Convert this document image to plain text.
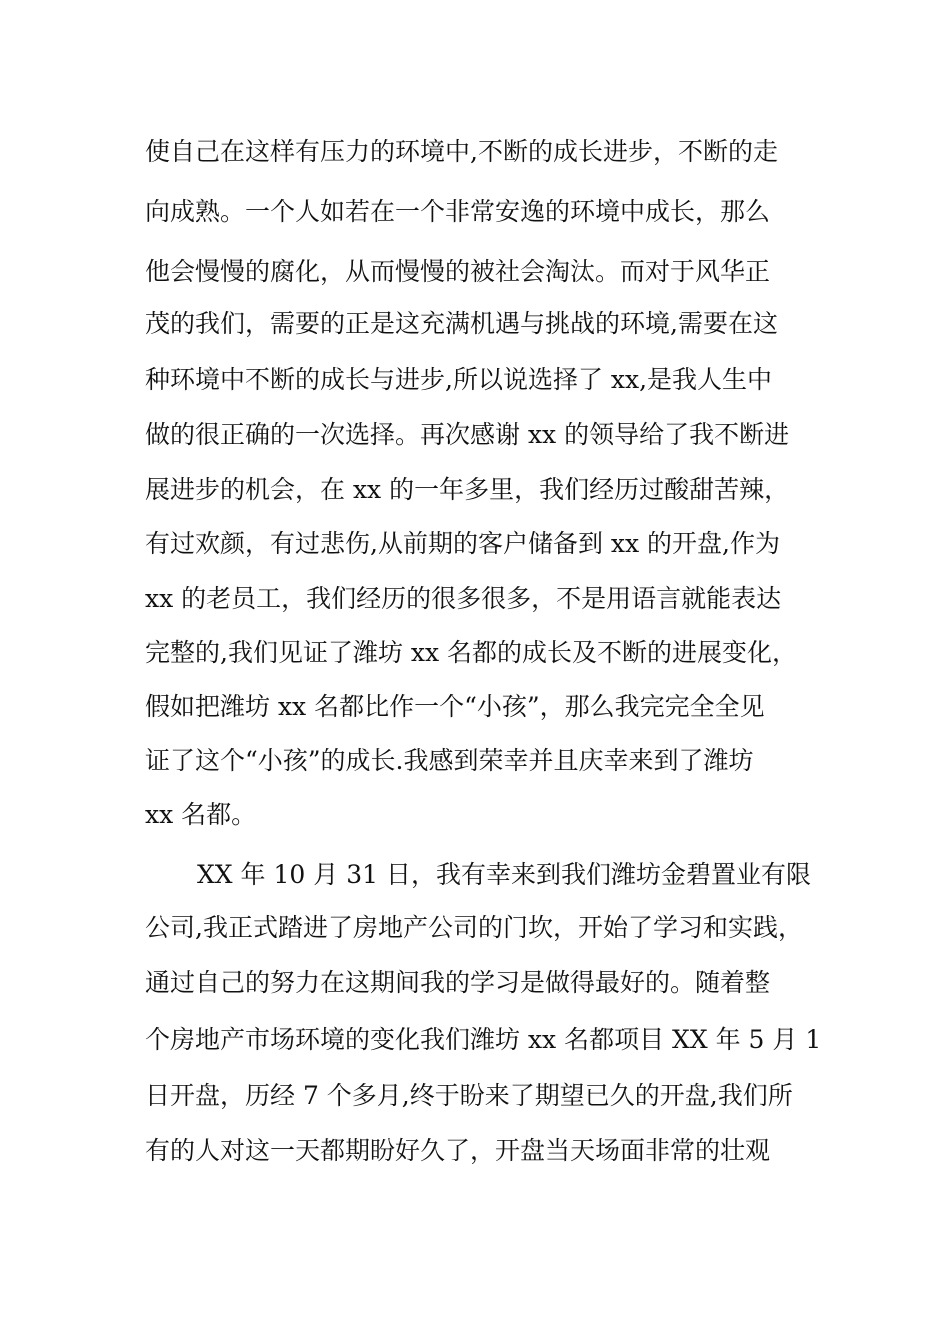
使自己在这样有压力的环境中,不断的成长进步，不断的走

向成熟。一个人如若在一个非常安逸的环境中成长，那么

他会慢慢的腐化，从而慢慢的被社会淘汰。而对于风华正

茂的我们，需要的正是这充满机遇与挑战的环境,需要在这

种环境中不断的成长与进步,所以说选择了 xx,是我人生中

做的很正确的一次选择。再次感谢 xx 的领导给了我不断进

展进步的机会，在 xx 的一年多里，我们经历过酸甜苦辣，

有过欢颜，有过悲伤,从前期的客户储备到 xx 的开盘,作为

xx 的老员工，我们经历的很多很多，不是用语言就能表达

完整的,我们见证了潍坊 xx 名都的成长及不断的进展变化，

假如把潍坊 xx 名都比作一个“小孩”，那么我完完全全见

证了这个“小孩”的成长.我感到荣幸并且庆幸来到了潍坊

xx 名都。

XX 年 10 月 31 日，我有幸来到我们潍坊金碧置业有限

公司,我正式踏进了房地产公司的门坎，开始了学习和实践，

通过自己的努力在这期间我的学习是做得最好的。随着整

个房地产市场环境的变化我们潍坊 xx 名都项目 XX 年 5 月 1

日开盘，历经 7 个多月,终于盼来了期望已久的开盘,我们所

有的人对这一天都期盼好久了，开盘当天场面非常的壮观
